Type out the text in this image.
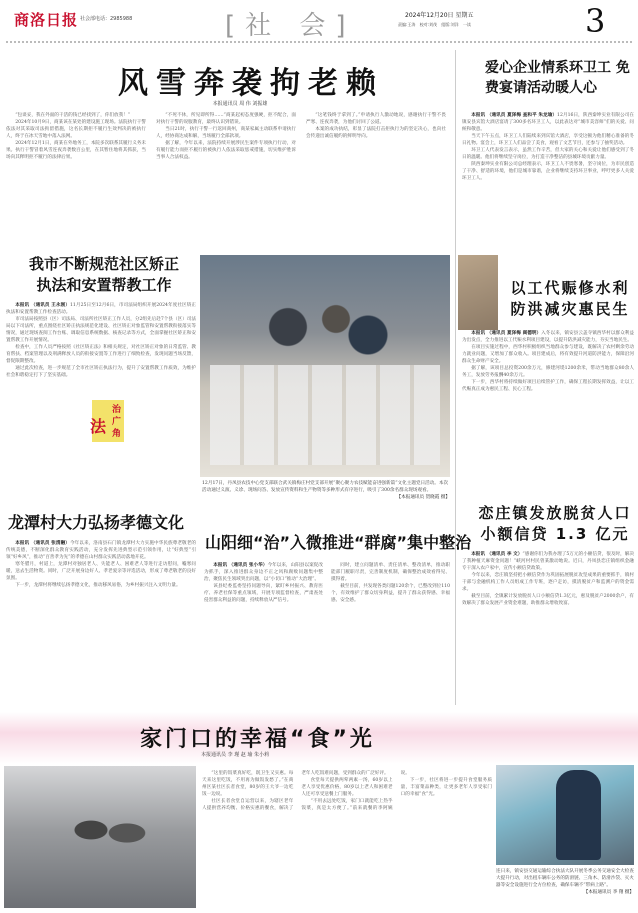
商洛日报 社会部电话：2985988	[社 会]	2024年12月20日 星期五
责编:王涛 校对:刘茂 组版:刘洋 一读	3
风雪奔袭拘老赖
本报通讯员 周 伟 刘振雄

“包谈妥，我在外面的干活的钱已经找到了，你们放我！”

2024年10月9日，商某该在某处的建设施工现场。法院执行干警依法对其采取司法拘留措施，这名长期拒不履行生效判决的被执行人，终于在冰天雪地中落入法网。

2024年12月1日，商某在外地务工，本院多次联系其履行义务未果。执行干警冒着风雪连夜奔袭数百公里，在其暂住地将其抓获，当场向其释明拒不履行的法律后果。

“不死不休，所见即所得……”商某起初态度强硬，拒不配合，面对执行干警的说服教育，最终认识到错误。

当日21时，执行干警一行返回商州，商某家属主动联系申请执行人，经协商达成和解，当场履行全部款项。

据了解，今年以来，法院持续开展涉民生案件专项执行行动，对有履行能力而拒不履行的被执行人依法采取惩戒措施，切实维护胜诉当事人合法权益。

“这笔钱终于拿到了。”申请执行人激动地说，感谢执行干警不畏严寒、连夜奔袭，为他们讨回了公道。

本案的成功执结，彰显了法院打击拒执行为的坚定决心，也向社会传递出诚信履约的鲜明导向。

爱心企业情系环卫工 免费宴请活动暖人心

本报讯 （通讯员 夏泽梅 查和平 朱龙瑜）12月16日，陕西秦坤实业有限公司在镇安县宾馆大酒店宴请了300多名环卫工人，以此表达对“城市美容师”们的关爱、问候和敬意。

当天下午五点，环卫工人们陆续来到宾馆大酒店，享受这顿为他们精心准备的冬日礼物。宴会上，环卫工人们品尝了美食，观看了文艺节目，还参与了抽奖活动。

环卫工人代表发言表示，虽然工作辛苦，但大家的关心和关爱让他们感受到了冬日的温暖。他们将继续坚守岗位，为打造干净整洁的县城环境贡献力量。

陕西秦坤实业有限公司总经理表示，环卫工人不畏寒暑，坚守岗位，为市民创造了干净、舒适的环境，他们是城市靠谱，企业将继续支持环卫事业，呼吁更多人关爱环卫工人。

我市不断规范社区矫正
执法和安置帮教工作

本报讯 （通讯员 王永刚）11月25日至12月6日，市司法局组织开展2024年度社区矫正执法和安置帮教工作检查活动。

市司法局按照县（区）司法局、司法所社区矫正工作人员，分2组先后赴7个县（区）司法局以下司法所，重点围绕社区矫正执法规范化建设、社区矫正对象监管和安置帮教衔接落实等情况，通过现场查阅工作台账、调取信息系统数据、核查记录等方式，全面掌握社区矫正和安置帮教工作开展情况。

检查中，工作人员严格按照《社区矫正法》和相关规定，对社区矫正对象的日常监管、教育帮扶、档案管理以及刑满释放人员的衔接安置等工作进行了细致检查，发现问题当场反馈，督促限期整改。

通过此次检查，进一步规范了全市社区矫正执法行为，提升了安置帮教工作质效，为维护社会和谐稳定打下了坚实基础。

法
治
广
角
12月17日，丹凤县农技中心党支部联合武关镇梅庄村党支部开展“聚心聚力农技赋能奋进强新篇”文化主题党日活动。本次活动通过义演、义诊、现场问答、发放宣传资料和生产物资等多种形式有序进行，吸引了300余名群众现场观看。
【本报通讯员 贺晓霞 摄】
以工代赈修水利
防洪减灾惠民生

本报讯 （通讯员 夏泽梅 阎德明）入冬以来，镇安县云盖寺镇西华村以群众利益为出发点，全力推进以工代赈水利项目建设，以提升防洪减灾能力，夯实当地民生。

在项目实施过程中，西华村积极组织当地群众参与建设，既解决了农村剩余劳动力就业问题，又增加了群众收入。项目建成后，将有效提升河道防洪能力，保障沿河群众生命财产安全。

据了解，该项目总投资200余万元，修建河堤1200余米，带动当地群众80余人务工，发放劳务报酬40余万元。

下一步，西华村将持续做好项目后续管护工作，确保工程长期发挥效益，让以工代赈真正成为惠民工程、民心工程。

恋庄镇发放脱贫人口
小额信贷 1.3 亿元

本报讯 （通讯员 李 文）“感谢你们为我办理了5万元的小额信贷，很及时，解决了我种植天麻资金问题！”峡河村村民曾某激动地说。近日，丹凤县恋庄镇组织金融专干深入农户家中，宣传小额信贷政策。

今年以来，恋庄镇坚持把小额信贷作为巩固拓展脱贫攻坚成果的重要抓手，镇村干部与金融机构工作人员组成工作专班，逐户走访，摸清脱贫户和监测户的资金需求。

截至目前，全镇累计发放脱贫人口小额信贷1.3亿元，惠及脱贫户2000余户，有效解决了群众发展产业资金难题，助推群众增收致富。

龙潭村大力弘扬孝德文化

本报讯 （通讯员 张清融）今年以来，洛南县石门镇龙潭村大力实施中华民族尊老敬老的传统美德，不断深化群众教育实践活动，充分发挥先进典型示范引领作用，让“好典型”引领“好乡风”，推动“百善孝为先”的孝德在山村群众实践活动落地开花。

寒冬腊月，村道上，龙潭村对独居老人、失能老人、困难老人等进行走访慰问，嘘寒问暖，送去生活物资。同时，广泛开展身边好人、孝老爱亲等评选活动，形成了尊老敬老的良好氛围。

下一步，龙潭村将继续弘扬孝德文化，推动移风易俗，为乡村振兴注入文明力量。

山阳细“治”入微推进“群腐”集中整治

本报讯 （通讯员 张小华）今年以来，山阳县以案促改为抓手，深入推进群众身边不正之风和腐败问题集中整治，聚焦民生领域突出问题，以“小切口”推动“大治理”。

该县纪委监委坚持问题导向，紧盯乡村振兴、教育医疗、养老社保等重点领域，开展专项监督检查，严肃查处侵害群众利益的问题，持续释放从严信号。

同时，建立问题清单、责任清单、整改清单，推动职能部门履职尽责，完善制度机制，确保整治成效看得见、摸得着。

截至目前，共发现各类问题120余个，已整改到位110个，有效维护了群众切身利益，提升了群众获得感、幸福感、安全感。

家门口的幸福“食”光
本报通讯员 李 瑾 赵 瑜 朱小莉

“这里的饭菜真好吃，既卫生又实惠。每天来这里吃饭，不用再为做饭发愁了。”在商州区某社区长者食堂，80岁的王大爷一边吃饭一边说。

社区长者食堂自运营以来，为辖区老年人提供营养均衡、价格实惠的餐食，解决了老年人吃饭难问题，受到群众的广泛好评。

食堂每天提供两荤两素一汤，60岁以上老人享受优惠价格，80岁以上老人和困难老人还可享受送餐上门服务。

“不用去远处吃饭，家门口就能吃上热乎饭菜，真是太方便了。”前来就餐的李阿姨说。

下一步，社区将进一步提升食堂服务质量，丰富菜品种类，让更多老年人享受家门口的幸福“食”光。

连日来，镇安县交通运输综合执法大队开展冬季公务交通安全大检查大提升行动，对出租车辆车公务的防滑链、三角木、防滑沙袋、灭火器等安全设施进行全方位检查，确保车辆不“带病上路”。
【本报通讯员 李 翔 摄】
